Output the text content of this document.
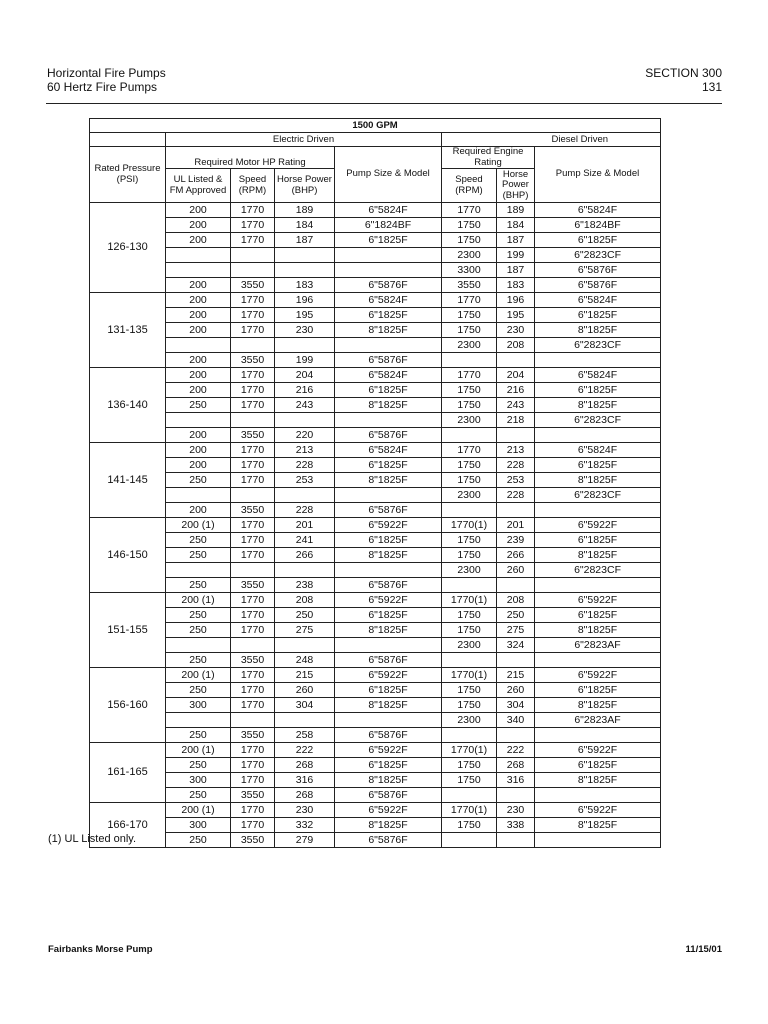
Horizontal Fire Pumps
60 Hertz Fire Pumps
SECTION 300
131
1500 GPM							
	Electric Driven				Diesel Driven		
Rated Pressure (PSI)	Required Motor HP Rating			Pump Size & Model	Required Engine Rating		Pump Size & Model
	UL Listed & FM Approved	Speed (RPM)	Horse Power (BHP)		Speed (RPM)	Horse Power (BHP)	
126-130	200	1770	189	6"5824F	1770	189	6"5824F
	200	1770	184	6"1824BF	1750	184	6"1824BF
	200	1770	187	6"1825F	1750	187	6"1825F
					2300	199	6"2823CF
					3300	187	6"5876F
	200	3550	183	6"5876F	3550	183	6"5876F
131-135	200	1770	196	6"5824F	1770	196	6"5824F
	200	1770	195	6"1825F	1750	195	6"1825F
	200	1770	230	8"1825F	1750	230	8"1825F
					2300	208	6"2823CF
	200	3550	199	6"5876F			
136-140	200	1770	204	6"5824F	1770	204	6"5824F
	200	1770	216	6"1825F	1750	216	6"1825F
	250	1770	243	8"1825F	1750	243	8"1825F
					2300	218	6"2823CF
	200	3550	220	6"5876F			
141-145	200	1770	213	6"5824F	1770	213	6"5824F
	200	1770	228	6"1825F	1750	228	6"1825F
	250	1770	253	8"1825F	1750	253	8"1825F
					2300	228	6"2823CF
	200	3550	228	6"5876F			
146-150	200 (1)	1770	201	6"5922F	1770(1)	201	6"5922F
	250	1770	241	6"1825F	1750	239	6"1825F
	250	1770	266	8"1825F	1750	266	8"1825F
					2300	260	6"2823CF
	250	3550	238	6"5876F			
151-155	200 (1)	1770	208	6"5922F	1770(1)	208	6"5922F
	250	1770	250	6"1825F	1750	250	6"1825F
	250	1770	275	8"1825F	1750	275	8"1825F
					2300	324	6"2823AF
	250	3550	248	6"5876F			
156-160	200 (1)	1770	215	6"5922F	1770(1)	215	6"5922F
	250	1770	260	6"1825F	1750	260	6"1825F
	300	1770	304	8"1825F	1750	304	8"1825F
					2300	340	6"2823AF
	250	3550	258	6"5876F			
161-165	200 (1)	1770	222	6"5922F	1770(1)	222	6"5922F
	250	1770	268	6"1825F	1750	268	6"1825F
	300	1770	316	8"1825F	1750	316	8"1825F
	250	3550	268	6"5876F			
166-170	200 (1)	1770	230	6"5922F	1770(1)	230	6"5922F
	300	1770	332	8"1825F	1750	338	8"1825F
	250	3550	279	6"5876F			
(1) UL Listed only.
Fairbanks Morse Pump	11/15/01
